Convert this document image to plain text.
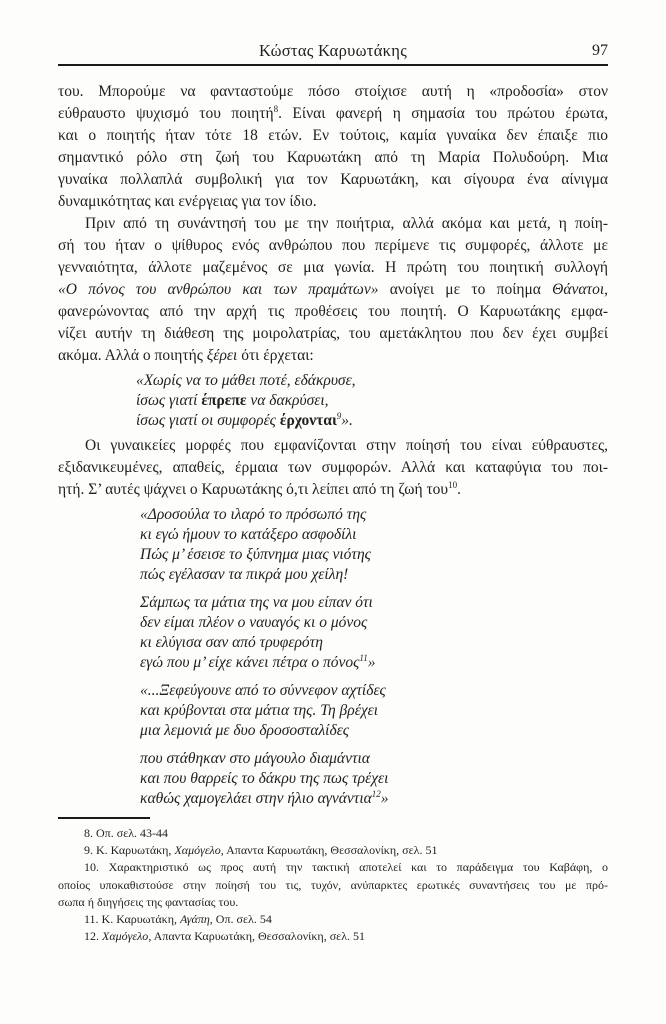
Κώστας Καρυωτάκης	97
του. Μπορούμε να φανταστούμε πόσο στοίχισε αυτή η «προδοσία» στον
εύθραυστο ψυχισμό του ποιητή$^8$. Είναι φανερή η σημασία του πρώτου έρωτα,
και ο ποιητής ήταν τότε 18 ετών. Εν τούτοις, καμία γυναίκα δεν έπαιξε πιο
σημαντικό ρόλο στη ζωή του Καρυωτάκη από τη Μαρία Πολυδούρη. Μια
γυναίκα πολλαπλά συμβολική για τον Καρυωτάκη, και σίγουρα ένα αίνιγμα
δυναμικότητας και ενέργειας για τον ίδιο.
Πριν από τη συνάντησή του με την ποιήτρια, αλλά ακόμα και μετά, η ποίη-
σή του ήταν ο ψίθυρος ενός ανθρώπου που περίμενε τις συμφορές, άλλοτε με
γενναιότητα, άλλοτε μαζεμένος σε μια γωνία. Η πρώτη του ποιητική συλλογή
«Ο πόνος του ανθρώπου και των πραμάτων» ανοίγει με το ποίημα Θάνατοι,
φανερώνοντας από την αρχή τις προθέσεις του ποιητή. Ο Καρυωτάκης εμφα-
νίζει αυτήν τη διάθεση της μοιρολατρίας, του αμετάκλητου που δεν έχει συμβεί
ακόμα. Αλλά ο ποιητής ξέρει ότι έρχεται:
«Χωρίς να το μάθει ποτέ, εδάκρυσε,
ίσως γιατί έπρεπε να δακρύσει,
ίσως γιατί οι συμφορές έρχονται$^9$».
Οι γυναικείες μορφές που εμφανίζονται στην ποίησή του είναι εύθραυστες,
εξιδανικευμένες, απαθείς, έρμαια των συμφορών. Αλλά και καταφύγια του ποι-
ητή. Σ’ αυτές ψάχνει ο Καρυωτάκης ό,τι λείπει από τη ζωή του$^{10}$.
«Δροσούλα το ιλαρό το πρόσωπό της
κι εγώ ήμουν το κατάξερο ασφοδίλι
Πώς μ’ έσεισε το ξύπνημα μιας νιότης
πώς εγέλασαν τα πικρά μου χείλη!
Σάμπως τα μάτια της να μου είπαν ότι
δεν είμαι πλέον ο ναυαγός κι ο μόνος
κι ελύγισα σαν από τρυφερότη
εγώ που μ’ είχε κάνει πέτρα ο πόνος$^{11}$»
«...Ξεφεύγουνε από το σύννεφον αχτίδες
και κρύβονται στα μάτια της. Τη βρέχει
μια λεμονιά με δυο δροσοσταλίδες
που στάθηκαν στο μάγουλο διαμάντια
και που θαρρείς το δάκρυ της πως τρέχει
καθώς χαμογελάει στην ήλιο αγνάντια$^{12}$»
8. Οπ. σελ. 43-44
9. Κ. Καρυωτάκη, Χαμόγελο, Απαντα Καρυωτάκη, Θεσσαλονίκη, σελ. 51
10. Χαρακτηριστικό ως προς αυτή την τακτική αποτελεί και το παράδειγμα του Καβάφη, ο
οποίος υποκαθιστούσε στην ποίησή του τις, τυχόν, ανύπαρκτες ερωτικές συναντήσεις του με πρό-
σωπα ή διηγήσεις της φαντασίας του.
11. Κ. Καρυωτάκη, Αγάπη, Οπ. σελ. 54
12. Χαμόγελο, Απαντα Καρυωτάκη, Θεσσαλονίκη, σελ. 51
